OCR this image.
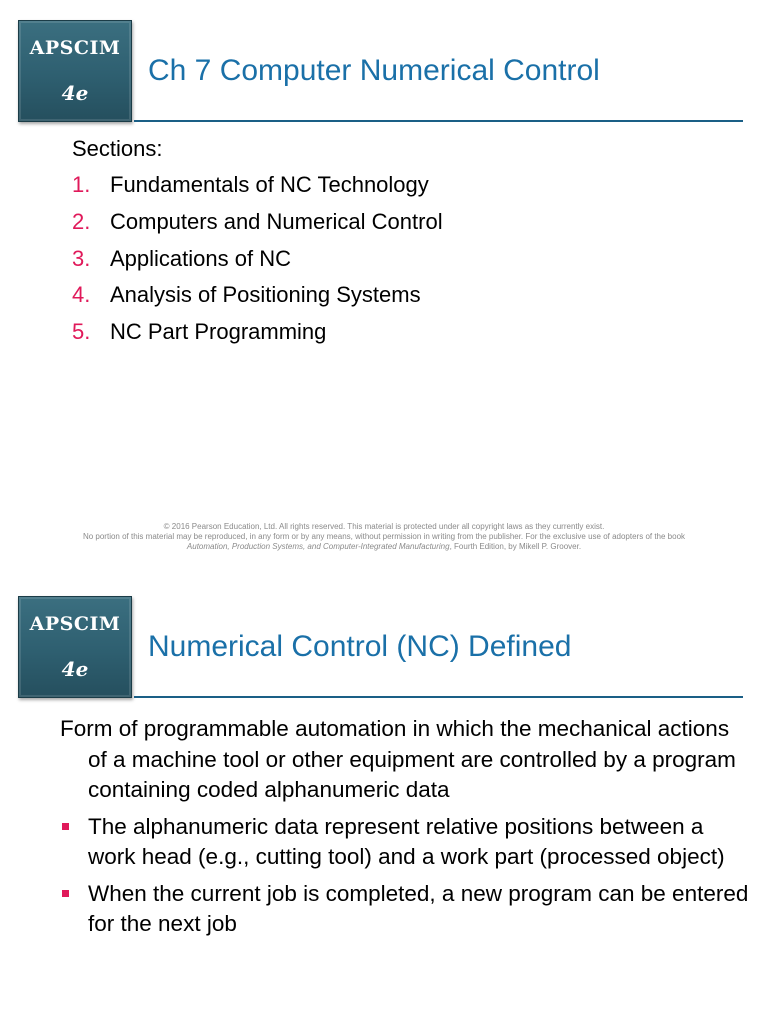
APSCIM
4e
Ch 7 Computer Numerical Control
Sections:
1. Fundamentals of NC Technology
2. Computers and Numerical Control
3. Applications of NC
4. Analysis of Positioning Systems
5. NC Part Programming
© 2016 Pearson Education, Ltd. All rights reserved. This material is protected under all copyright laws as they currently exist.
No portion of this material may be reproduced, in any form or by any means, without permission in writing from the publisher. For the exclusive use of adopters of the book
Automation, Production Systems, and Computer-Integrated Manufacturing, Fourth Edition, by Mikell P. Groover.
APSCIM
4e
Numerical Control (NC) Defined

Form of programmable automation in which the mechanical actions of a machine tool or other equipment are controlled by a program containing coded alphanumeric data

The alphanumeric data represent relative positions between a work head (e.g., cutting tool) and a work part (processed object)

When the current job is completed, a new program can be entered for the next job
